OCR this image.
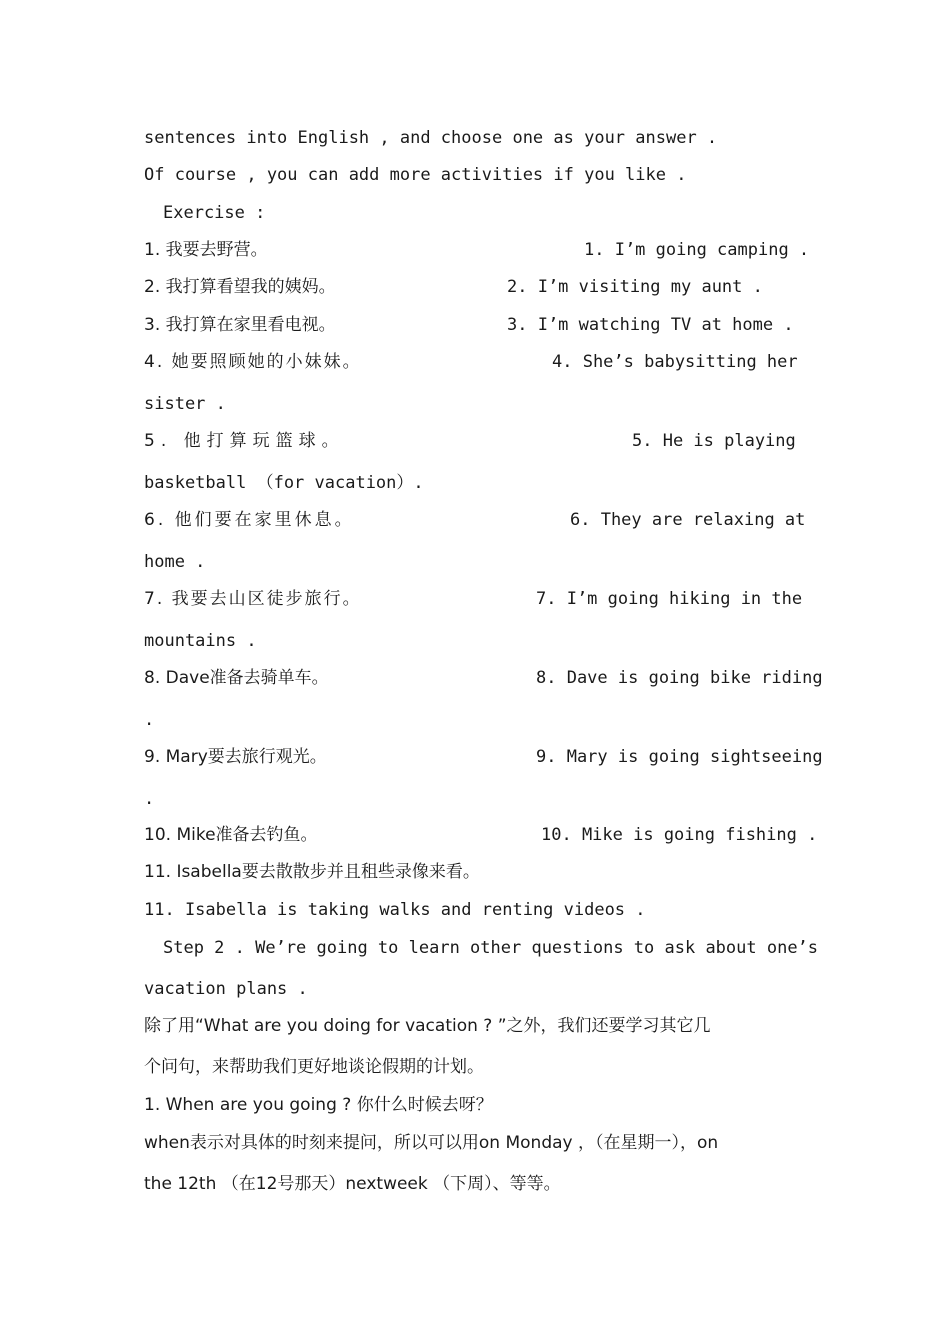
sentences into English , and choose one as your answer .
Of course , you can add more activities if you like .
Exercise :
1. 我要去野营。	1. I’m going camping .
2. 我打算看望我的姨妈。	2. I’m visiting my aunt .
3. 我打算在家里看电视。	3. I’m watching TV at home .
4. 她要照顾她的小妹妹。	4. She’s babysitting her
sister .
5. 他打算玩篮球。	5. He is playing
basketball （for vacation）.
6. 他们要在家里休息。	6. They are relaxing at
home .
7. 我要去山区徒步旅行。	7. I’m going hiking in the
mountains .
8. Dave准备去骑单车。	8. Dave is going bike riding
.
9. Mary要去旅行观光。	9. Mary is going sightseeing
.
10. Mike准备去钓鱼。	10. Mike is going fishing .
11. Isabella要去散散步并且租些录像来看。
11. Isabella is taking walks and renting videos .
Step 2 . We’re going to learn other questions to ask about one’s
vacation plans .
除了用“What are you doing for vacation ? ”之外，我们还要学习其它几
个问句，来帮助我们更好地谈论假期的计划。
1. When are you going ? 你什么时候去呀？
when表示对具体的时刻来提问，所以可以用on Monday ，（在星期一），on
the 12th （在12号那天）nextweek （下周）、等等。
